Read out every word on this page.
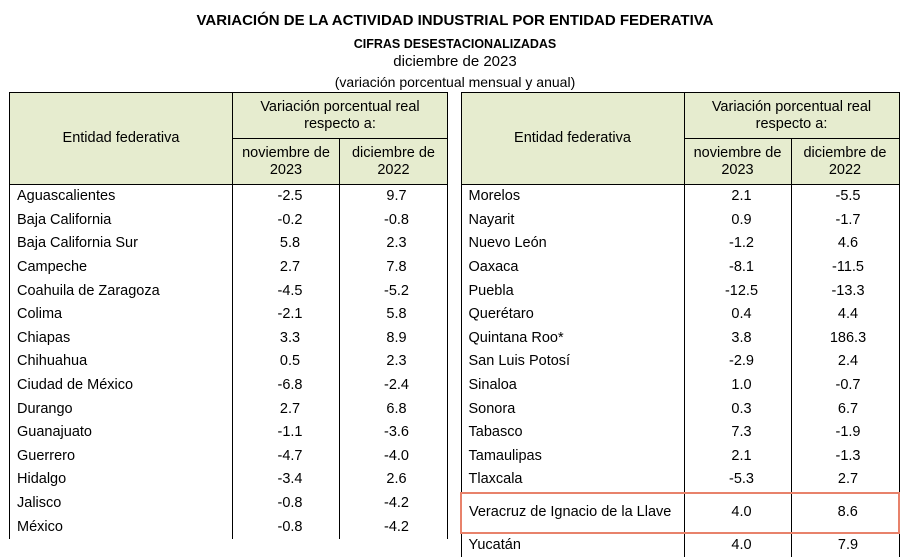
VARIACIÓN DE LA ACTIVIDAD INDUSTRIAL POR ENTIDAD FEDERATIVA
CIFRAS DESESTACIONALIZADAS
diciembre de 2023
(variación porcentual mensual y anual)
Entidad federativa	Variación porcentual real respecto a:	
	noviembre de 2023	diciembre de 2022
Aguascalientes	-2.5	9.7
Baja California	-0.2	-0.8
Baja California Sur	5.8	2.3
Campeche	2.7	7.8
Coahuila de Zaragoza	-4.5	-5.2
Colima	-2.1	5.8
Chiapas	3.3	8.9
Chihuahua	0.5	2.3
Ciudad de México	-6.8	-2.4
Durango	2.7	6.8
Guanajuato	-1.1	-3.6
Guerrero	-4.7	-4.0
Hidalgo	-3.4	2.6
Jalisco	-0.8	-4.2
México	-0.8	-4.2
Entidad federativa	Variación porcentual real respecto a:	
	noviembre de 2023	diciembre de 2022
Morelos	2.1	-5.5
Nayarit	0.9	-1.7
Nuevo León	-1.2	4.6
Oaxaca	-8.1	-11.5
Puebla	-12.5	-13.3
Querétaro	0.4	4.4
Quintana Roo*	3.8	186.3
San Luis Potosí	-2.9	2.4
Sinaloa	1.0	-0.7
Sonora	0.3	6.7
Tabasco	7.3	-1.9
Tamaulipas	2.1	-1.3
Tlaxcala	-5.3	2.7
Veracruz de Ignacio de la Llave	4.0	8.6
Yucatán	4.0	7.9
